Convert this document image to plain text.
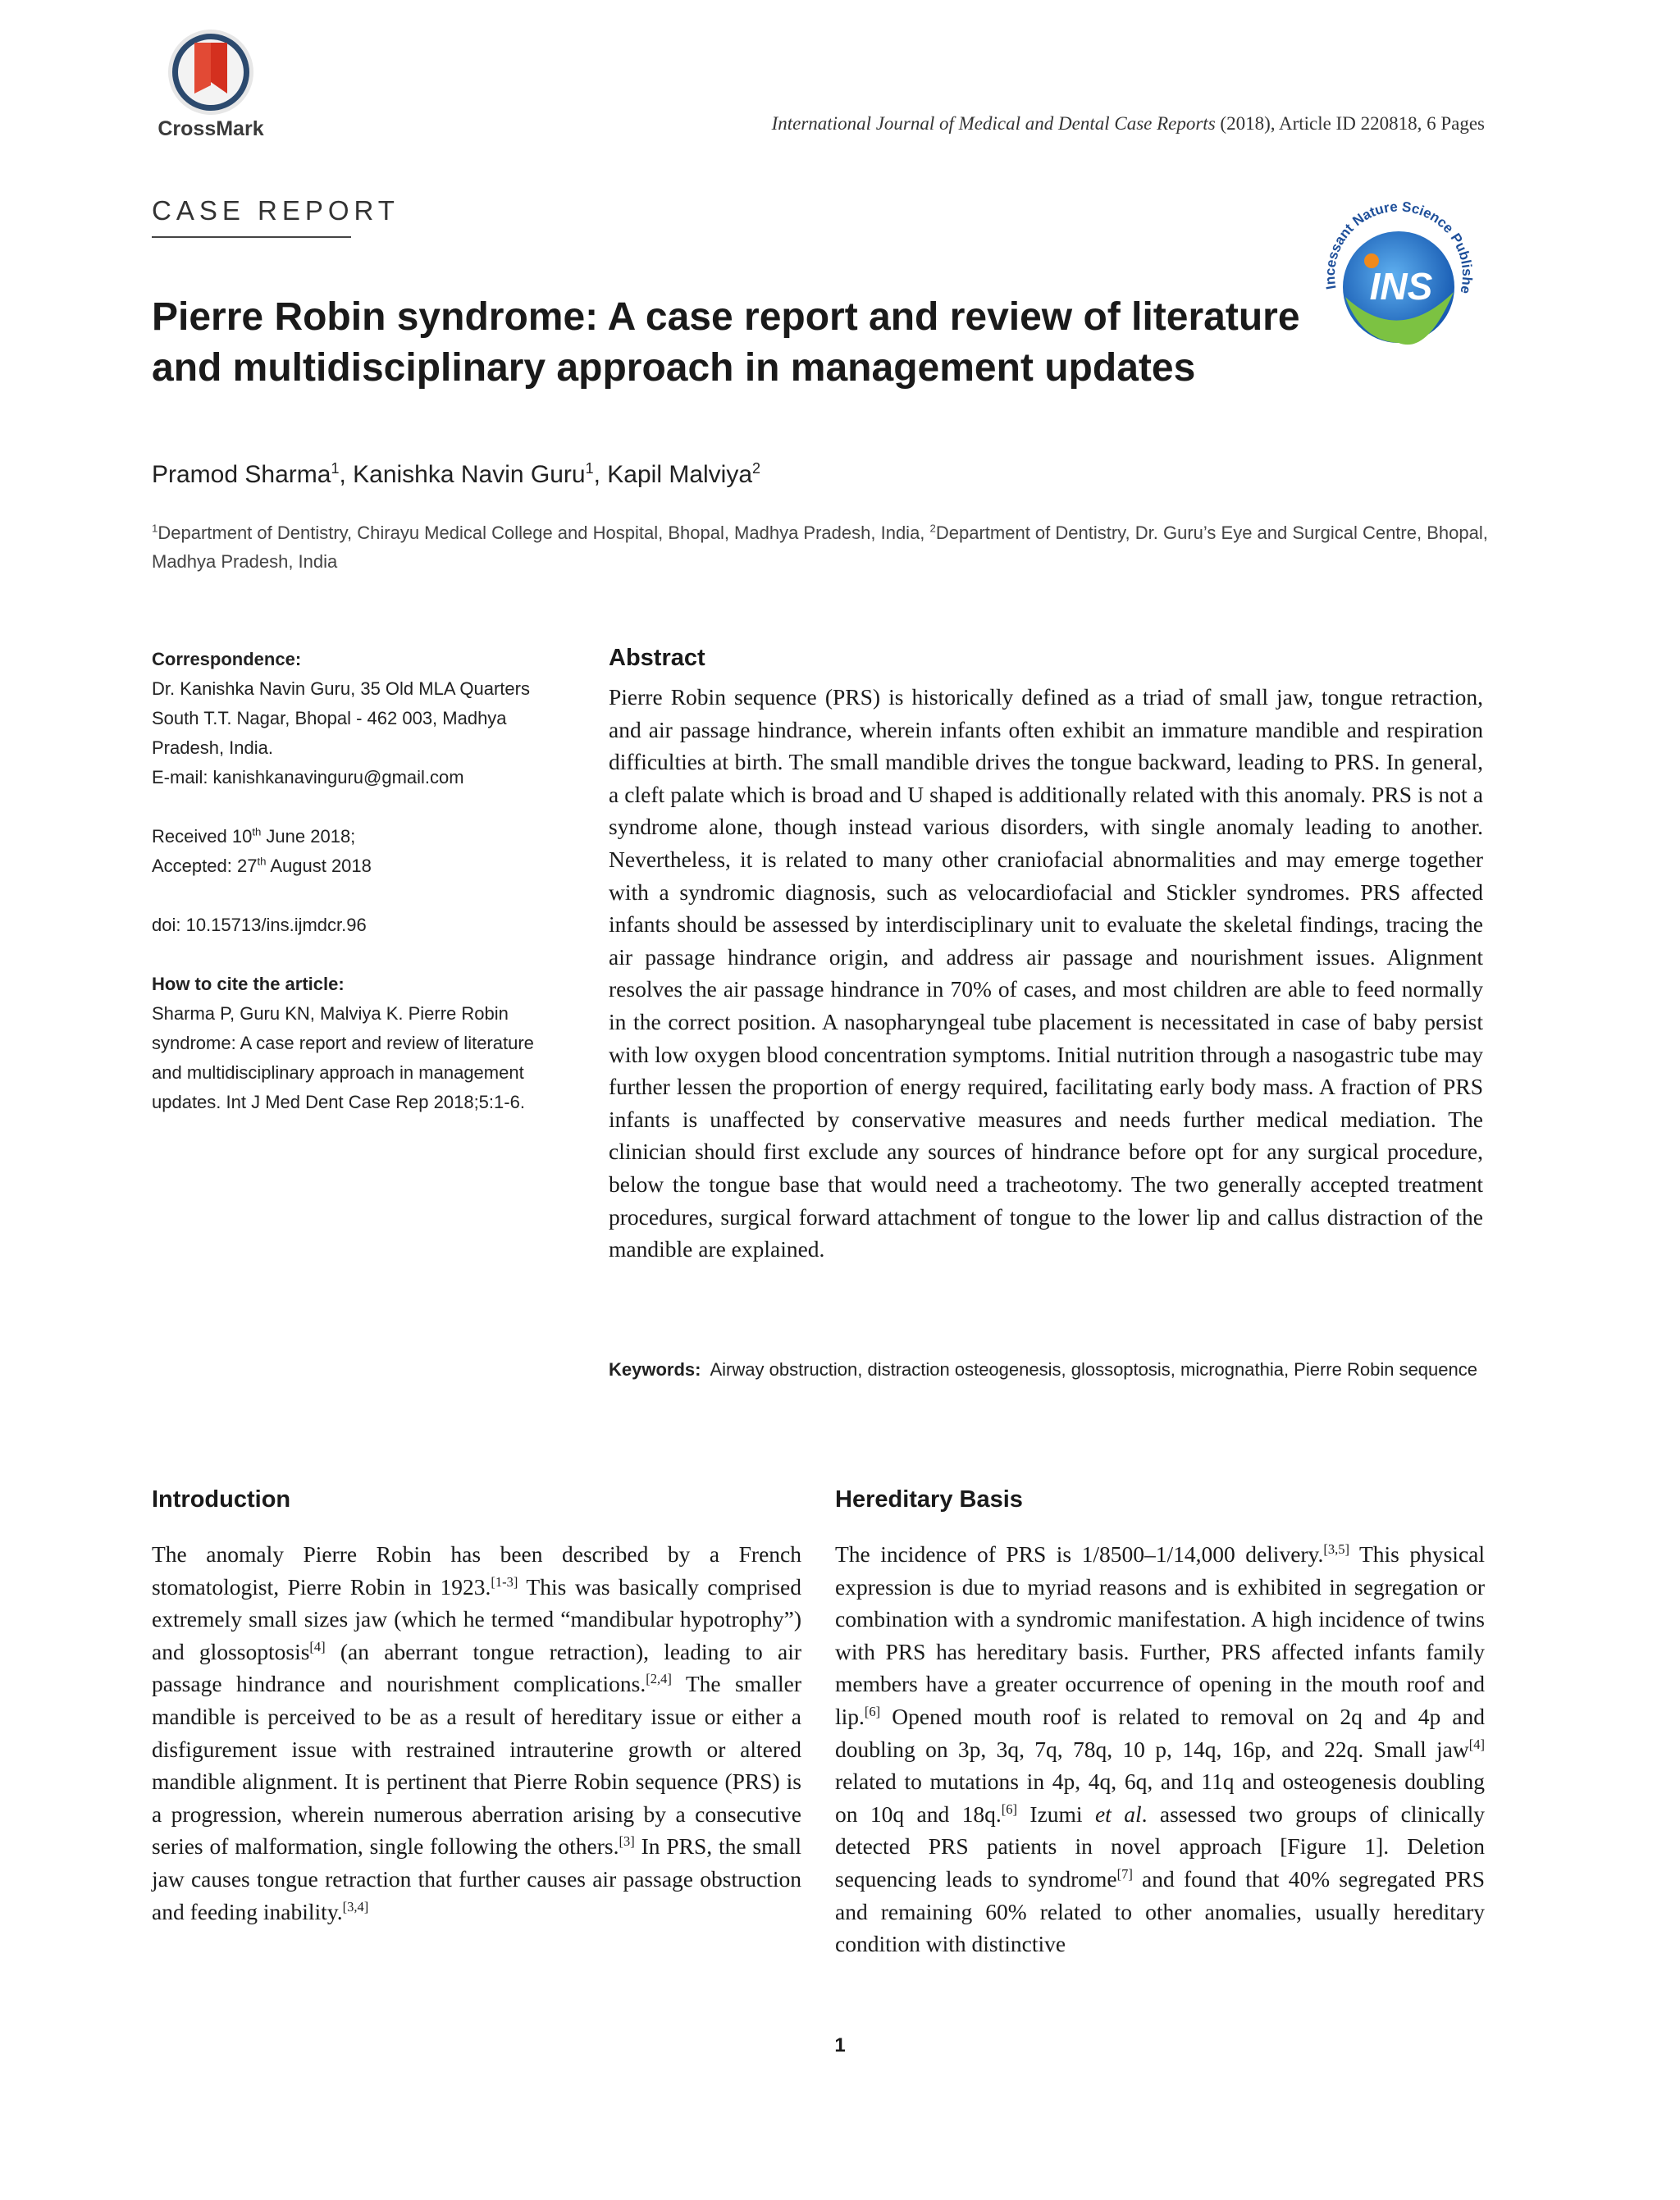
CrossMark	International Journal of Medical and Dental Case Reports (2018), Article ID 220818, 6 Pages
CASE REPORT
Incessant Nature Science Publishe
INS
Pierre Robin syndrome: A case report and review of literature and multidisciplinary approach in management updates
Pramod Sharma$^1$, Kanishka Navin Guru$^1$, Kapil Malviya$^2$
$^1$Department of Dentistry, Chirayu Medical College and Hospital, Bhopal, Madhya Pradesh, India, $^2$Department of Dentistry, Dr. Guru’s Eye and Surgical Centre, Bhopal, Madhya Pradesh, India
Correspondence:
Dr. Kanishka Navin Guru, 35 Old MLA Quarters
South T.T. Nagar, Bhopal - 462 003, Madhya
Pradesh, India.
E-mail: kanishkanavinguru@gmail.com
Received 10th June 2018;
Accepted: 27th August 2018
doi: 10.15713/ins.ijmdcr.96
How to cite the article:
Sharma P, Guru KN, Malviya K. Pierre Robin syndrome: A case report and review of literature and multidisciplinary approach in management updates. Int J Med Dent Case Rep 2018;5:1-6.
Abstract
Pierre Robin sequence (PRS) is historically defined as a triad of small jaw, tongue retraction, and air passage hindrance, wherein infants often exhibit an immature mandible and respiration difficulties at birth. The small mandible drives the tongue backward, leading to PRS. In general, a cleft palate which is broad and U shaped is additionally related with this anomaly. PRS is not a syndrome alone, though instead various disorders, with single anomaly leading to another. Nevertheless, it is related to many other craniofacial abnormalities and may emerge together with a syndromic diagnosis, such as velocardiofacial and Stickler syndromes. PRS affected infants should be assessed by interdisciplinary unit to evaluate the skeletal findings, tracing the air passage hindrance origin, and address air passage and nourishment issues. Alignment resolves the air passage hindrance in 70% of cases, and most children are able to feed normally in the correct position. A nasopharyngeal tube placement is necessitated in case of baby persist with low oxygen blood concentration symptoms. Initial nutrition through a nasogastric tube may further lessen the proportion of energy required, facilitating early body mass. A fraction of PRS infants is unaffected by conservative measures and needs further medical mediation. The clinician should first exclude any sources of hindrance before opt for any surgical procedure, below the tongue base that would need a tracheotomy. The two generally accepted treatment procedures, surgical forward attachment of tongue to the lower lip and callus distraction of the mandible are explained.
Keywords: Airway obstruction, distraction osteogenesis, glossoptosis, micrognathia, Pierre Robin sequence
Introduction
The anomaly Pierre Robin has been described by a French stomatologist, Pierre Robin in 1923.[1-3] This was basically comprised extremely small sizes jaw (which he termed “mandibular hypotrophy”) and glossoptosis[4] (an aberrant tongue retraction), leading to air passage hindrance and nourishment complications.[2,4] The smaller mandible is perceived to be as a result of hereditary issue or either a disfigurement issue with restrained intrauterine growth or altered mandible alignment. It is pertinent that Pierre Robin sequence (PRS) is a progression, wherein numerous aberration arising by a consecutive series of malformation, single following the others.[3] In PRS, the small jaw causes tongue retraction that further causes air passage obstruction and feeding inability.[3,4]
Hereditary Basis
The incidence of PRS is 1/8500–1/14,000 delivery.[3,5] This physical expression is due to myriad reasons and is exhibited in segregation or combination with a syndromic manifestation. A high incidence of twins with PRS has hereditary basis. Further, PRS affected infants family members have a greater occurrence of opening in the mouth roof and lip.[6] Opened mouth roof is related to removal on 2q and 4p and doubling on 3p, 3q, 7q, 78q, 10 p, 14q, 16p, and 22q. Small jaw[4] related to mutations in 4p, 4q, 6q, and 11q and osteogenesis doubling on 10q and 18q.[6] Izumi et al. assessed two groups of clinically detected PRS patients in novel approach [Figure 1]. Deletion sequencing leads to syndrome[7] and found that 40% segregated PRS and remaining 60% related to other anomalies, usually hereditary condition with distinctive
1
